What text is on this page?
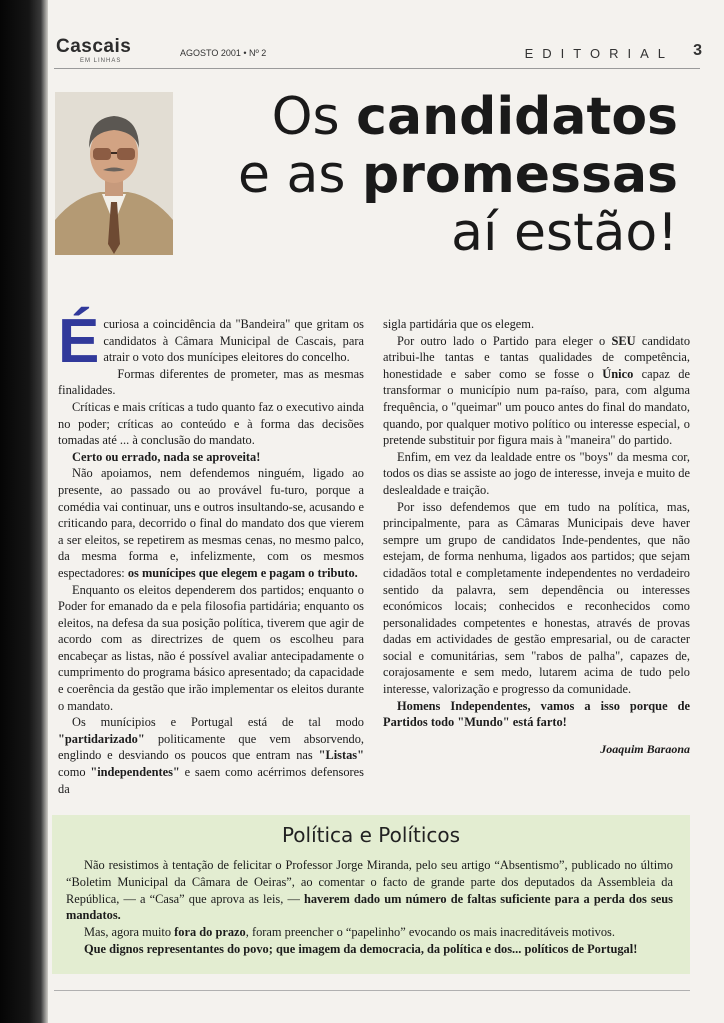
Cascais
EM LINHAS
AGOSTO 2001 • Nº 2	EDITORIAL 3
Os candidatos
e as promessas
aí estão!

É curiosa a coincidência da "Bandeira" que gritam os candidatos à Câmara Municipal de Cascais, para atrair o voto dos munícipes eleitores do concelho.

Formas diferentes de prometer, mas as mesmas finalidades.

Críticas e mais críticas a tudo quanto faz o executivo ainda no poder; críticas ao conteúdo e à forma das decisões tomadas até ... à conclusão do mandato.

Certo ou errado, nada se aproveita!

Não apoiamos, nem defendemos ninguém, ligado ao presente, ao passado ou ao provável fu-turo, porque a comédia vai continuar, uns e outros insultando-se, acusando e criticando para, decorrido o final do mandato dos que vierem a ser eleitos, se repetirem as mesmas cenas, no mesmo palco, da mesma forma e, infelizmente, com os mesmos espectadores: os munícipes que elegem e pagam o tributo.

Enquanto os eleitos dependerem dos partidos; enquanto o Poder for emanado da e pela filosofia partidária; enquanto os eleitos, na defesa da sua posição política, tiverem que agir de acordo com as directrizes de quem os escolheu para encabeçar as listas, não é possível avaliar antecipadamente o cumprimento do programa básico apresentado; da capacidade e coerência da gestão que irão implementar os eleitos durante o mandato.

Os munícipios e Portugal está de tal modo "partidarizado" politicamente que vem absorvendo, englindo e desviando os poucos que entram nas "Listas" como "independentes" e saem como acérrimos defensores da

sigla partidária que os elegem.

Por outro lado o Partido para eleger o SEU candidato atribui-lhe tantas e tantas qualidades de competência, honestidade e saber como se fosse o Único capaz de transformar o município num pa-raíso, para, com alguma frequência, o "queimar" um pouco antes do final do mandato, quando, por qualquer motivo político ou interesse especial, o pretende substituir por figura mais à "maneira" do partido.

Enfim, em vez da lealdade entre os "boys" da mesma cor, todos os dias se assiste ao jogo de interesse, inveja e muito de deslealdade e traição.

Por isso defendemos que em tudo na política, mas, principalmente, para as Câmaras Municipais deve haver sempre um grupo de candidatos Inde-pendentes, que não estejam, de forma nenhuma, ligados aos partidos; que sejam cidadãos total e completamente independentes no verdadeiro sentido da palavra, sem dependência ou interesses económicos locais; conhecidos e reconhecidos como personalidades competentes e honestas, através de provas dadas em actividades de gestão empresarial, ou de caracter social e comunitárias, sem "rabos de palha", capazes de, corajosamente e sem medo, lutarem acima de tudo pelo interesse, valorização e progresso da comunidade.

Homens Independentes, vamos a isso porque de Partidos todo "Mundo" está farto!

Joaquim Baraona
Política e Políticos

Não resistimos à tentação de felicitar o Professor Jorge Miranda, pelo seu artigo “Absentismo”, publicado no último “Boletim Municipal da Câmara de Oeiras”, ao comentar o facto de grande parte dos deputados da Assembleia da República, — a “Casa” que aprova as leis, — haverem dado um número de faltas suficiente para a perda dos seus mandatos.

Mas, agora muito fora do prazo, foram preencher o “papelinho” evocando os mais inacreditáveis motivos.

Que dignos representantes do povo; que imagem da democracia, da política e dos... políticos de Portugal!
